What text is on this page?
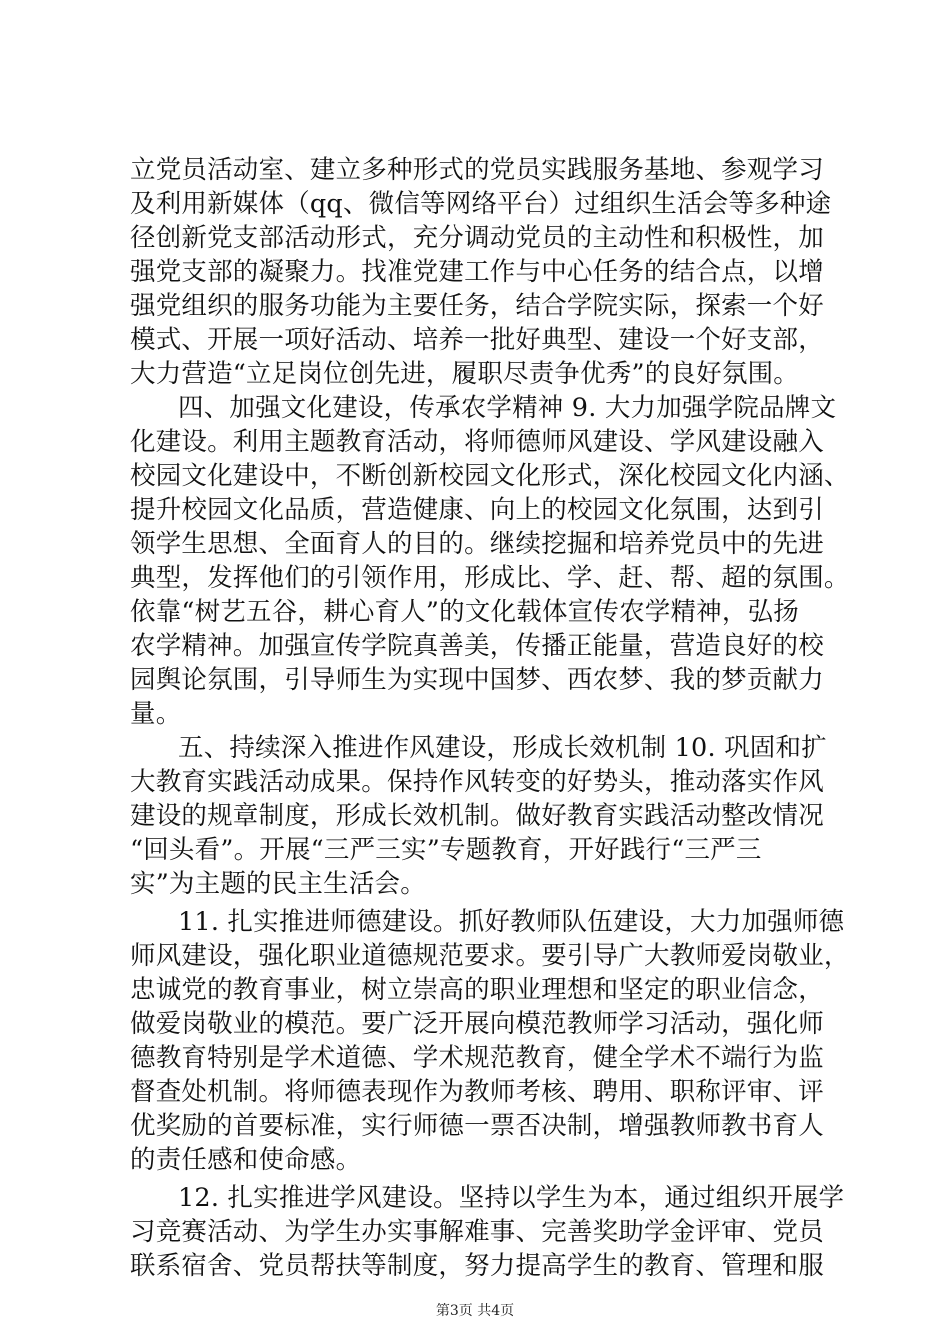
立党员活动室、建立多种形式的党员实践服务基地、参观学习
及利用新媒体（qq、微信等网络平台）过组织生活会等多种途
径创新党支部活动形式，充分调动党员的主动性和积极性，加
强党支部的凝聚力。找准党建工作与中心任务的结合点，以增
强党组织的服务功能为主要任务，结合学院实际，探索一个好
模式、开展一项好活动、培养一批好典型、建设一个好支部，
大力营造“立足岗位创先进，履职尽责争优秀”的良好氛围。
四、加强文化建设，传承农学精神 9. 大力加强学院品牌文
化建设。利用主题教育活动，将师德师风建设、学风建设融入
校园文化建设中，不断创新校园文化形式，深化校园文化内涵、
提升校园文化品质，营造健康、向上的校园文化氛围，达到引
领学生思想、全面育人的目的。继续挖掘和培养党员中的先进
典型，发挥他们的引领作用，形成比、学、赶、帮、超的氛围。
依靠“树艺五谷，耕心育人”的文化载体宣传农学精神，弘扬
农学精神。加强宣传学院真善美，传播正能量，营造良好的校
园舆论氛围，引导师生为实现中国梦、西农梦、我的梦贡献力
量。
五、持续深入推进作风建设，形成长效机制 10. 巩固和扩
大教育实践活动成果。保持作风转变的好势头，推动落实作风
建设的规章制度，形成长效机制。做好教育实践活动整改情况
“回头看”。开展“三严三实”专题教育，开好践行“三严三
实”为主题的民主生活会。
11. 扎实推进师德建设。抓好教师队伍建设，大力加强师德
师风建设，强化职业道德规范要求。要引导广大教师爱岗敬业，
忠诚党的教育事业，树立崇高的职业理想和坚定的职业信念，
做爱岗敬业的模范。要广泛开展向模范教师学习活动，强化师
德教育特别是学术道德、学术规范教育，健全学术不端行为监
督查处机制。将师德表现作为教师考核、聘用、职称评审、评
优奖励的首要标准，实行师德一票否决制，增强教师教书育人
的责任感和使命感。
12. 扎实推进学风建设。坚持以学生为本，通过组织开展学
习竞赛活动、为学生办实事解难事、完善奖助学金评审、党员
联系宿舍、党员帮扶等制度，努力提高学生的教育、管理和服
第3页 共4页
